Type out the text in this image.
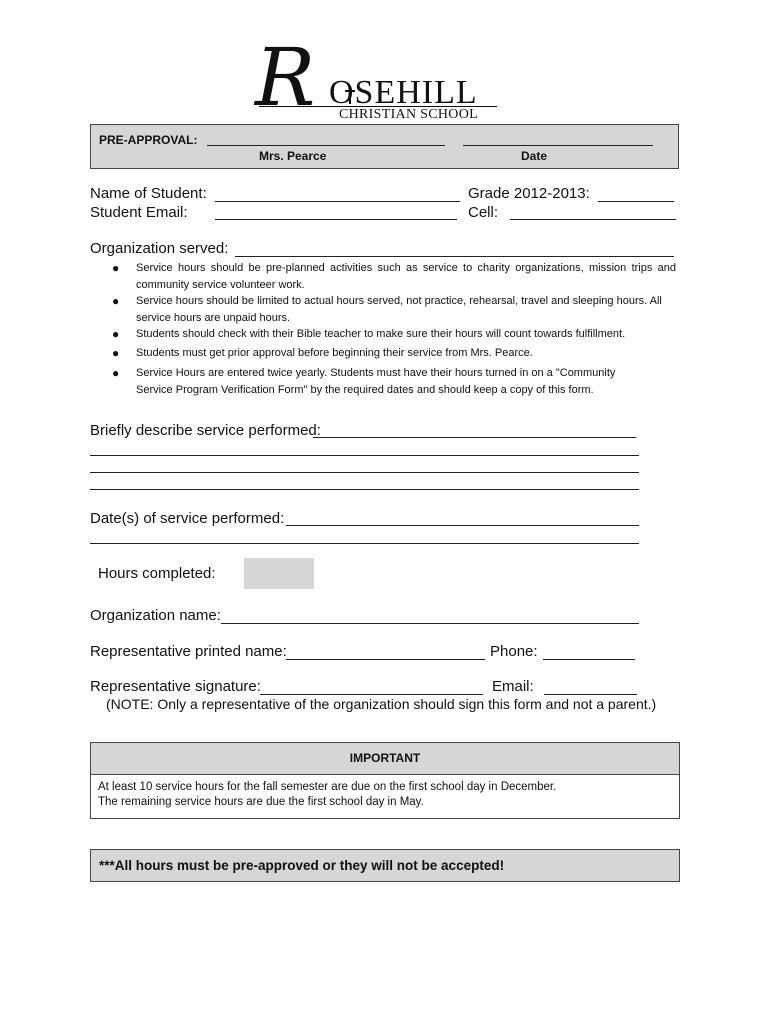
R OSEHILL
CHRISTIAN SCHOOL
PRE-APPROVAL:
Mrs. Pearce	Date
Name of Student:	Grade 2012-2013:
Student Email:	Cell:
Organization served:
● Service hours should be pre-planned activities such as service to charity organizations, mission trips and community service volunteer work.
● Service hours should be limited to actual hours served, not practice, rehearsal, travel and sleeping hours. All service hours are unpaid hours.
● Students should check with their Bible teacher to make sure their hours will count towards fulfillment.
● Students must get prior approval before beginning their service from Mrs. Pearce.
● Service Hours are entered twice yearly. Students must have their hours turned in on a "Community Service Program Verification Form" by the required dates and should keep a copy of this form.
Briefly describe service performed:
Date(s) of service performed:
Hours completed:
Organization name:
Representative printed name:	Phone:
Representative signature:	Email:
(NOTE: Only a representative of the organization should sign this form and not a parent.)
IMPORTANT
At least 10 service hours for the fall semester are due on the first school day in December.
The remaining service hours are due the first school day in May.
***All hours must be pre-approved or they will not be accepted!
